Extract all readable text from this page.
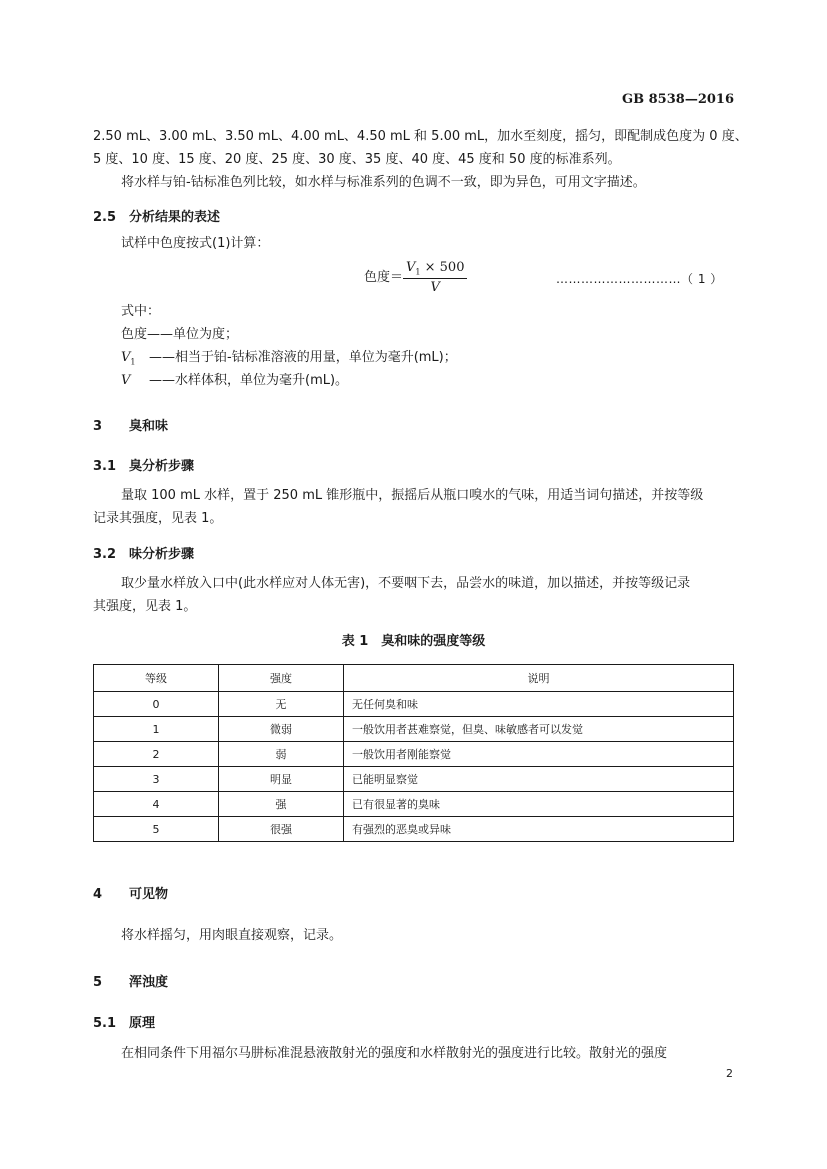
GB 8538—2016
2.50 mL、3.00 mL、3.50 mL、4.00 mL、4.50 mL 和 5.00 mL，加水至刻度，摇匀，即配制成色度为 0 度、
5 度、10 度、15 度、20 度、25 度、30 度、35 度、40 度、45 度和 50 度的标准系列。
将水样与铂-钴标准色列比较，如水样与标准系列的色调不一致，即为异色，可用文字描述。
2.5 分析结果的表述
试样中色度按式(1)计算：
色度＝ $\frac{V_1 \times 500}{V}$	…………………………（ 1 ）
式中：
色度——单位为度；
$V_1$ ——相当于铂-钴标准溶液的用量，单位为毫升(mL)；
V ——水样体积，单位为毫升(mL)。
3 臭和味
3.1 臭分析步骤
量取 100 mL 水样，置于 250 mL 锥形瓶中，振摇后从瓶口嗅水的气味，用适当词句描述，并按等级
记录其强度，见表 1。
3.2 味分析步骤
取少量水样放入口中(此水样应对人体无害)，不要咽下去，品尝水的味道，加以描述，并按等级记录
其强度，见表 1。
表 1　臭和味的强度等级
等级	强度	说明
0	无	无任何臭和味
1	微弱	一般饮用者甚难察觉，但臭、味敏感者可以发觉
2	弱	一般饮用者刚能察觉
3	明显	已能明显察觉
4	强	已有很显著的臭味
5	很强	有强烈的恶臭或异味
4 可见物
将水样摇匀，用肉眼直接观察，记录。
5 浑浊度
5.1 原理
在相同条件下用福尔马肼标准混悬液散射光的强度和水样散射光的强度进行比较。散射光的强度
2
